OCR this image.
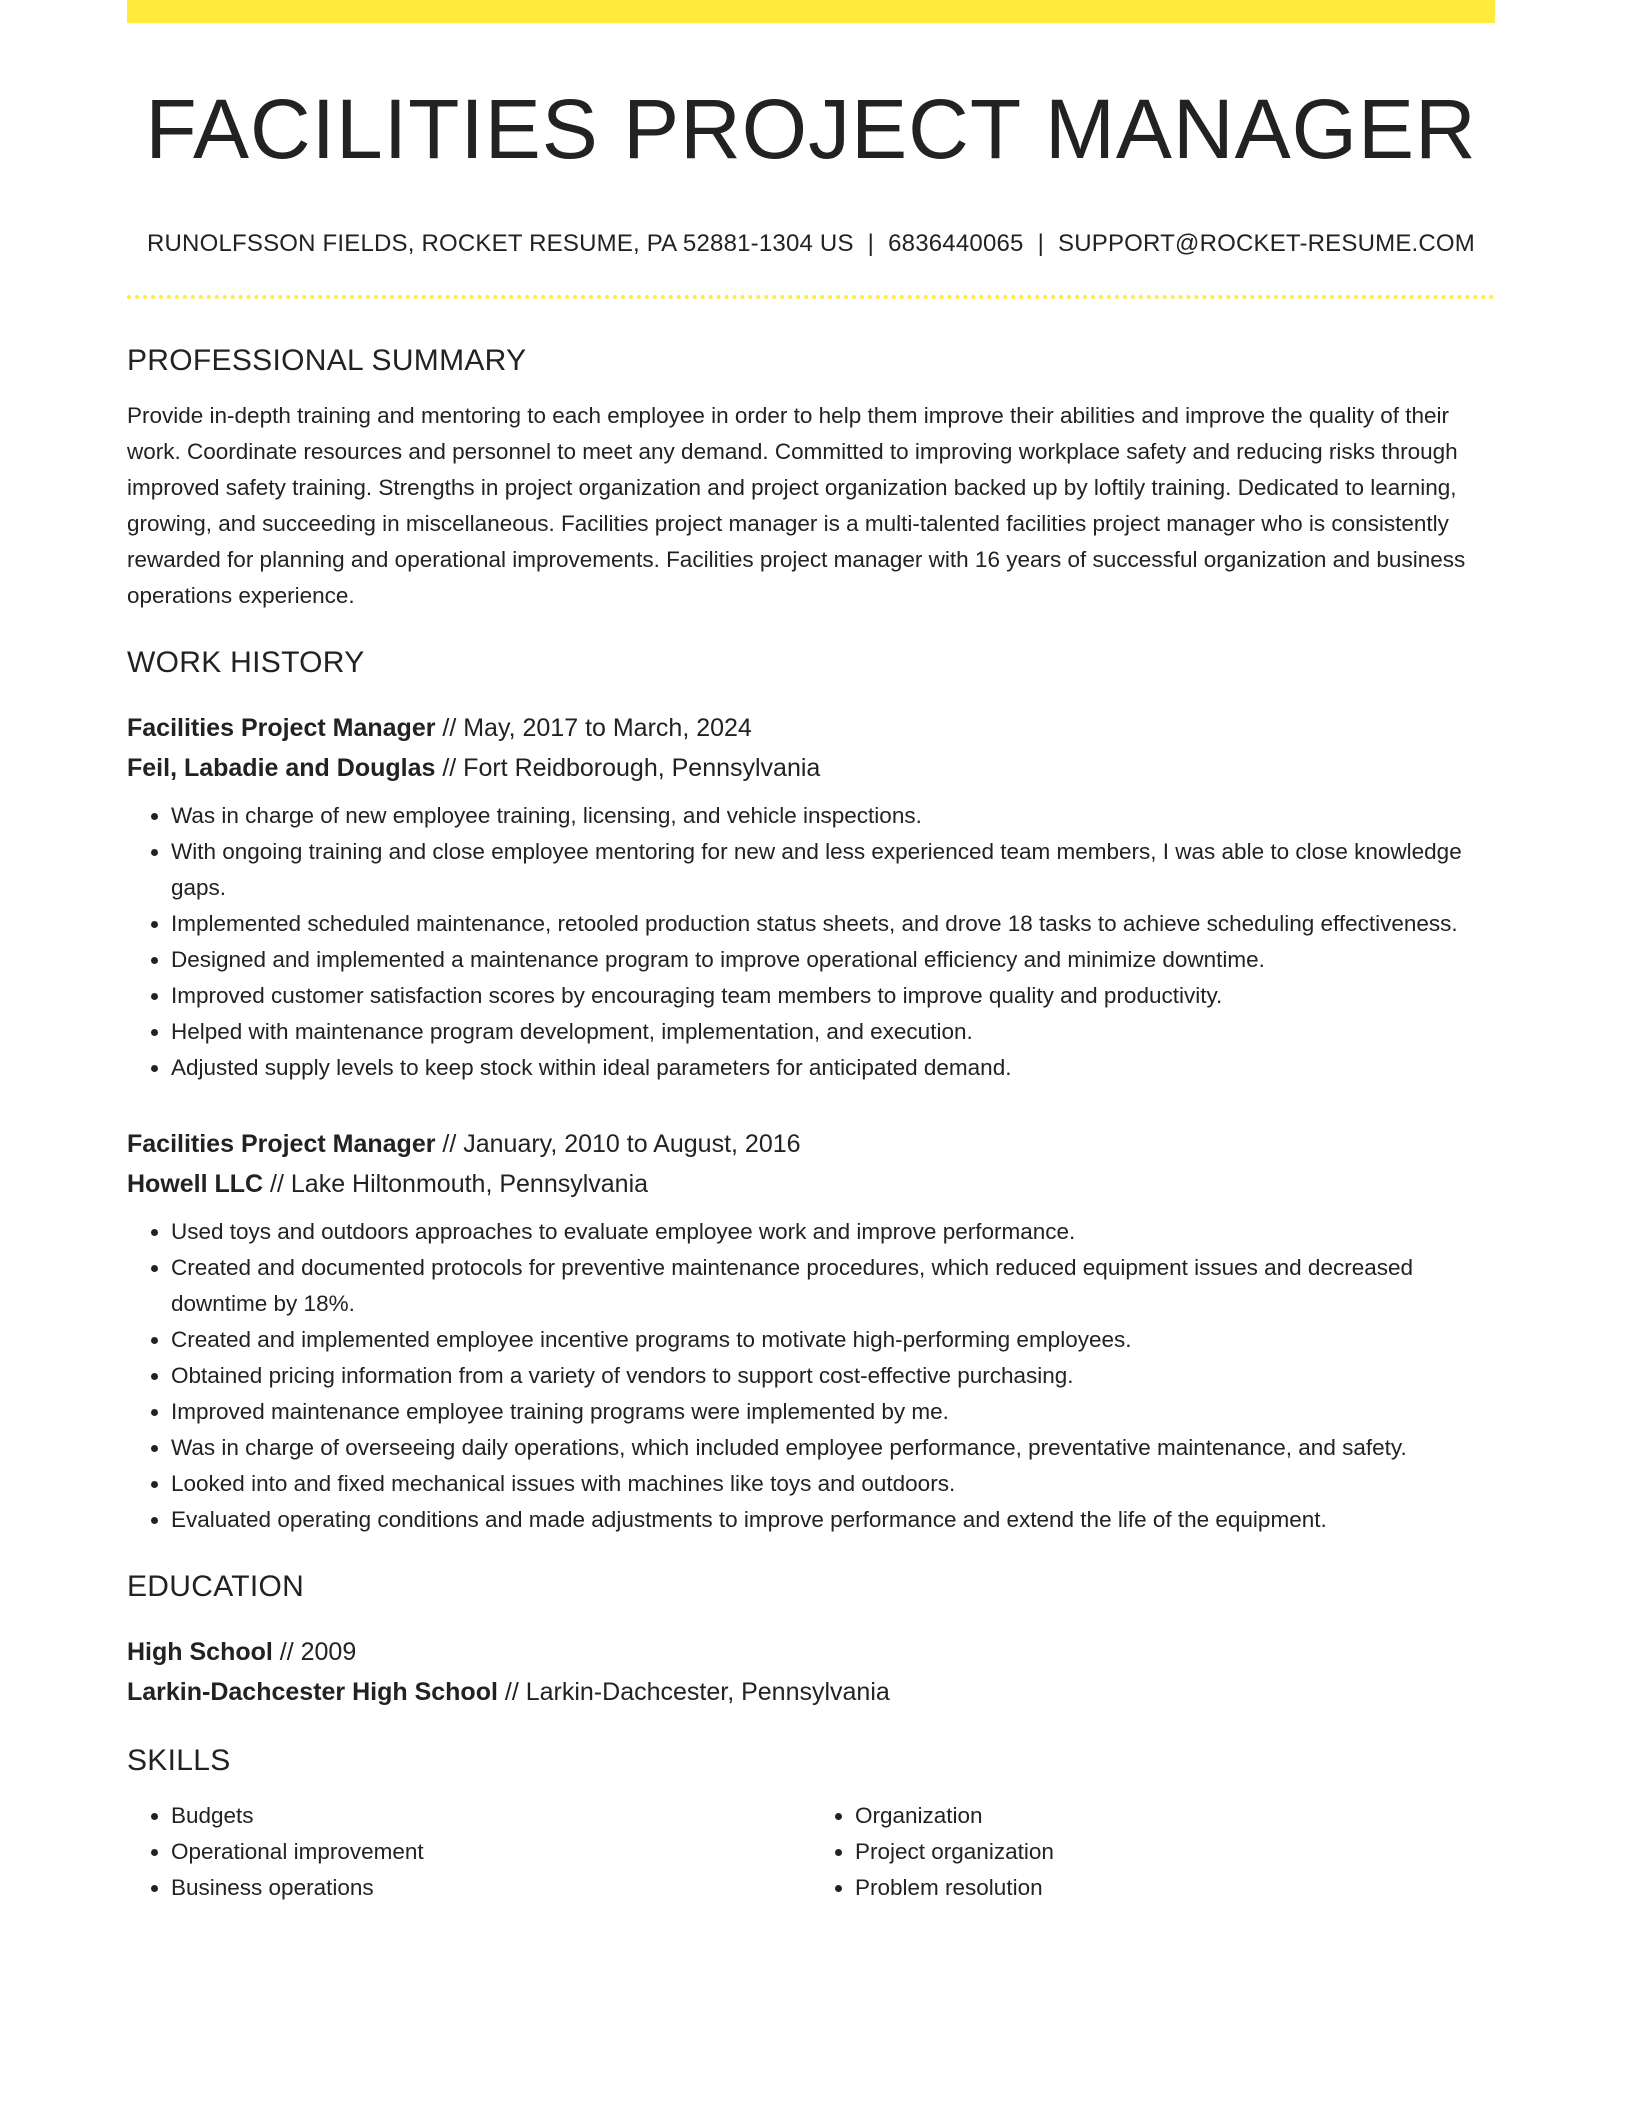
FACILITIES PROJECT MANAGER
RUNOLFSSON FIELDS, ROCKET RESUME, PA 52881-1304 US | 6836440065 | SUPPORT@ROCKET-RESUME.COM
PROFESSIONAL SUMMARY

Provide in-depth training and mentoring to each employee in order to help them improve their abilities and improve the quality of their work. Coordinate resources and personnel to meet any demand. Committed to improving workplace safety and reducing risks through improved safety training. Strengths in project organization and project organization backed up by loftily training. Dedicated to learning, growing, and succeeding in miscellaneous. Facilities project manager is a multi-talented facilities project manager who is consistently rewarded for planning and operational improvements. Facilities project manager with 16 years of successful organization and business operations experience.

WORK HISTORY
Facilities Project Manager // May, 2017 to March, 2024
Feil, Labadie and Douglas // Fort Reidborough, Pennsylvania
• Was in charge of new employee training, licensing, and vehicle inspections.
• With ongoing training and close employee mentoring for new and less experienced team members, I was able to close knowledge gaps.
• Implemented scheduled maintenance, retooled production status sheets, and drove 18 tasks to achieve scheduling effectiveness.
• Designed and implemented a maintenance program to improve operational efficiency and minimize downtime.
• Improved customer satisfaction scores by encouraging team members to improve quality and productivity.
• Helped with maintenance program development, implementation, and execution.
• Adjusted supply levels to keep stock within ideal parameters for anticipated demand.
Facilities Project Manager // January, 2010 to August, 2016
Howell LLC // Lake Hiltonmouth, Pennsylvania
• Used toys and outdoors approaches to evaluate employee work and improve performance.
• Created and documented protocols for preventive maintenance procedures, which reduced equipment issues and decreased downtime by 18%.
• Created and implemented employee incentive programs to motivate high-performing employees.
• Obtained pricing information from a variety of vendors to support cost-effective purchasing.
• Improved maintenance employee training programs were implemented by me.
• Was in charge of overseeing daily operations, which included employee performance, preventative maintenance, and safety.
• Looked into and fixed mechanical issues with machines like toys and outdoors.
• Evaluated operating conditions and made adjustments to improve performance and extend the life of the equipment.
EDUCATION
High School // 2009
Larkin-Dachcester High School // Larkin-Dachcester, Pennsylvania
SKILLS
• Budgets
• Operational improvement
• Business operations
• Organization
• Project organization
• Problem resolution
